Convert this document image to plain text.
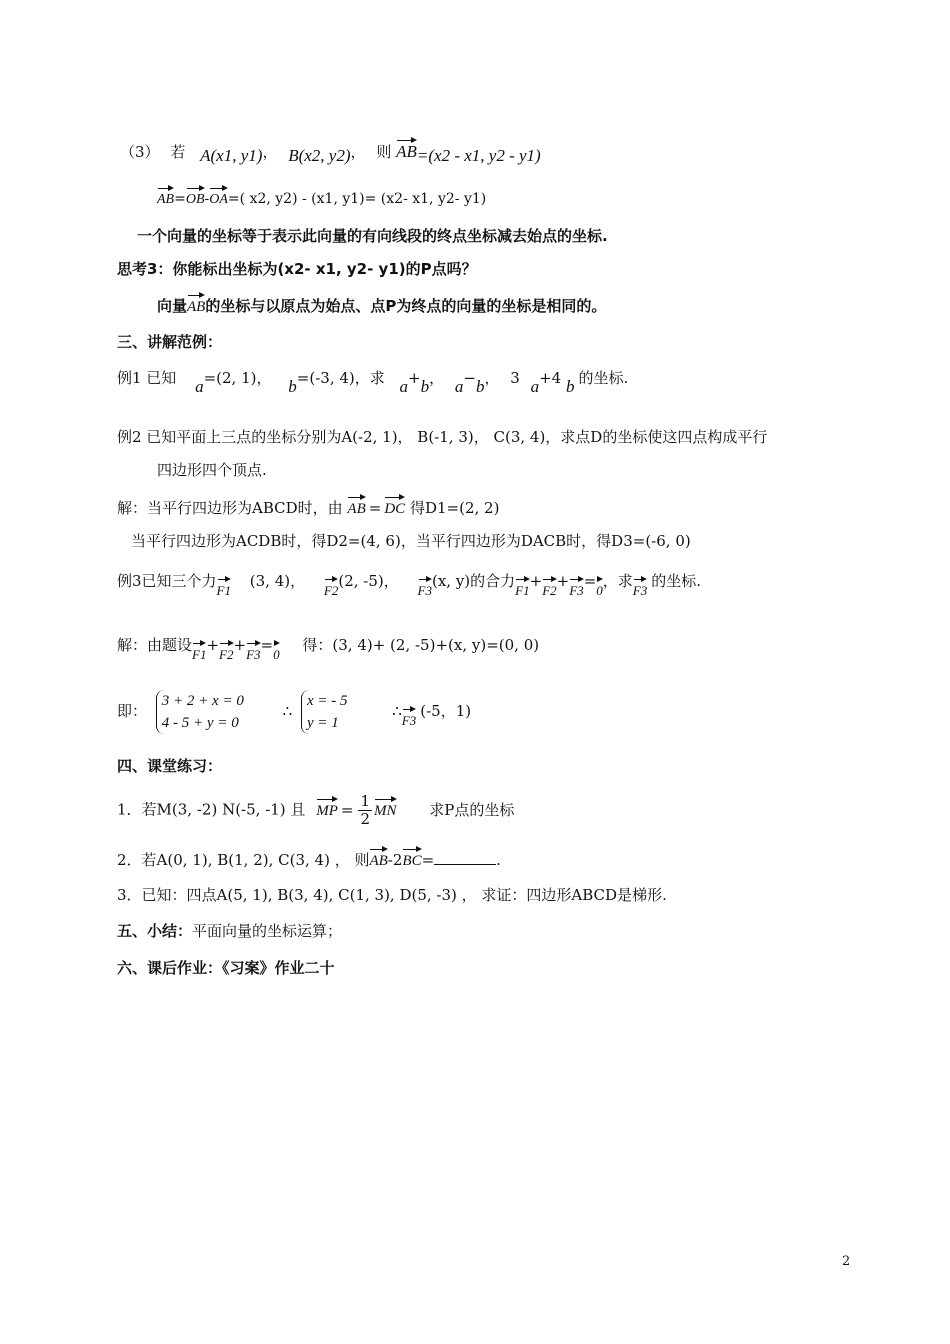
（3） 若 A(x1, y1)， B(x2, y2)， 则 AB=(x2 - x1, y2 - y1)
AB=OB-OA=( x2, y2) - (x1, y1)= (x2- x1, y2- y1)
一个向量的坐标等于表示此向量的有向线段的终点坐标减去始点的坐标.
思考3：你能标出坐标为(x2- x1, y2- y1)的P点吗？
向量AB的坐标与以原点为始点、点P为终点的向量的坐标是相同的。
三、讲解范例：
例1 已知 a=(2, 1)， b=(-3, 4)，求 a+b， a−b， 3 a+4 b 的坐标.
例2 已知平面上三点的坐标分别为A(-2, 1)， B(-1, 3)， C(3, 4)，求点D的坐标使这四点构成平行
四边形四个顶点.
解：当平行四边形为ABCD时，由 AB = DC 得D1=(2, 2)
当平行四边形为ACDB时，得D2=(4, 6)，当平行四边形为DACB时，得D3=(-6, 0)
例3已知三个力F1 (3, 4)， F2(2, -5)， F3(x, y)的合力F1+F2+F3=0，求F3的坐标.
解：由题设F1+F2+F3=0 得：(3, 4)+ (2, -5)+(x, y)=(0, 0)
即： 3 + 2 + x = 0
4 - 5 + y = 0 ∴ x = - 5
y = 1 ∴F3(-5，1)
四、课堂练习：
1．若M(3, -2) N(-5, -1) 且 MP = $\frac{1}{2}$ MN 求P点的坐标
2．若A(0, 1), B(1, 2), C(3, 4) ， 则AB-2BC=	.
3．已知：四点A(5, 1), B(3, 4), C(1, 3), D(5, -3) ， 求证：四边形ABCD是梯形.
五、小结：平面向量的坐标运算；
六、课后作业：《习案》作业二十
2
